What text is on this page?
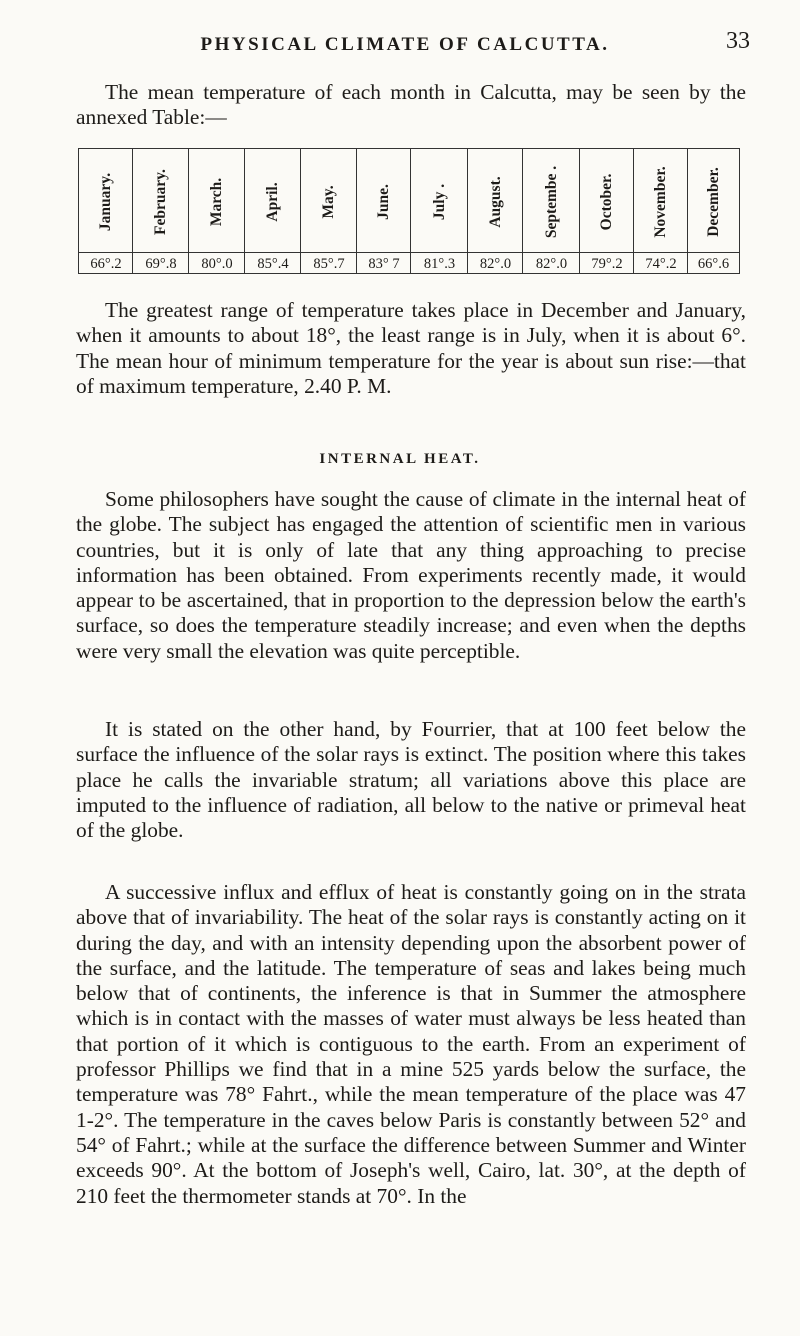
PHYSICAL CLIMATE OF CALCUTTA.	33

The mean temperature of each month in Calcutta, may be seen by the annexed Table:—

January.
66°.2
February.
69°.8
March.
80°.0
April.
85°.4
May.
85°.7
June.
83° 7
July .
81°.3
August.
82°.0
Septembe .
82°.0
October.
79°.2
November.
74°.2
December.
66°.6

The greatest range of temperature takes place in December and January, when it amounts to about 18°, the least range is in July, when it is about 6°. The mean hour of minimum temperature for the year is about sun rise:—that of maximum temperature, 2.40 P. M.

INTERNAL HEAT.

Some philosophers have sought the cause of climate in the internal heat of the globe. The subject has engaged the attention of scientific men in various countries, but it is only of late that any thing approaching to precise information has been obtained. From experiments recently made, it would appear to be ascertained, that in proportion to the depression below the earth's surface, so does the temperature steadily increase; and even when the depths were very small the elevation was quite perceptible.

It is stated on the other hand, by Fourrier, that at 100 feet below the surface the influence of the solar rays is extinct. The position where this takes place he calls the invariable stratum; all variations above this place are imputed to the influence of radiation, all below to the native or primeval heat of the globe.

A successive influx and efflux of heat is constantly going on in the strata above that of invariability. The heat of the solar rays is constantly acting on it during the day, and with an intensity depending upon the absorbent power of the surface, and the latitude. The temperature of seas and lakes being much below that of continents, the inference is that in Summer the atmosphere which is in contact with the masses of water must always be less heated than that portion of it which is contiguous to the earth. From an experiment of professor Phillips we find that in a mine 525 yards below the surface, the temperature was 78° Fahrt., while the mean temperature of the place was 47 1-2°. The temperature in the caves below Paris is constantly between 52° and 54° of Fahrt.; while at the surface the difference between Summer and Winter exceeds 90°. At the bottom of Joseph's well, Cairo, lat. 30°, at the depth of 210 feet the thermometer stands at 70°. In the
